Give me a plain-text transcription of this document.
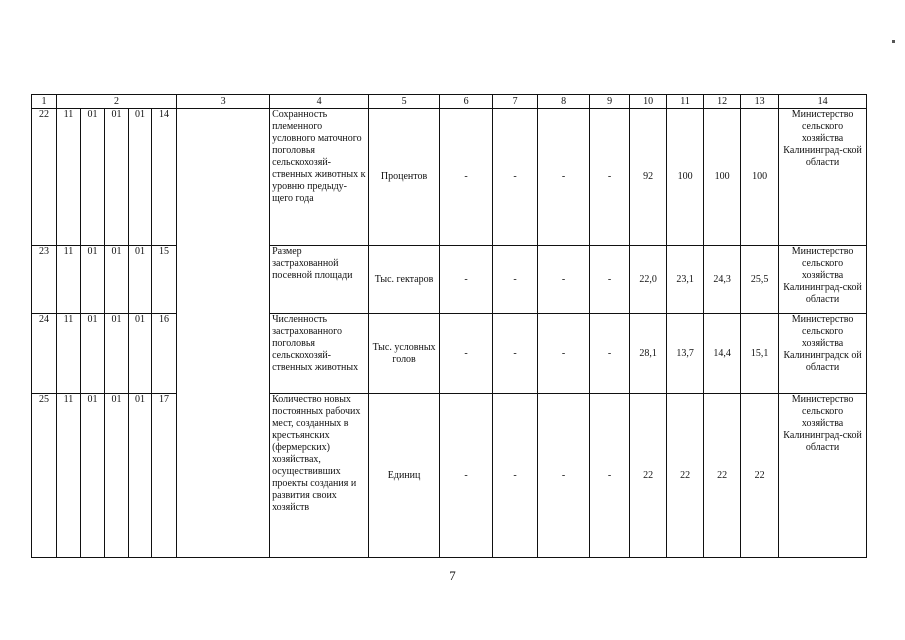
1	2					3	4	5	6	7	8	9	10	11	12	13	14
22	11	01	01	01	14		Сохранность племенного условного маточного поголовья сельскохозяй-ственных животных к уровню предыду-щего года	Процентов	-	-	-	-	92	100	100	100	Министерство сельского хозяйства Калининград-ской области
23	11	01	01	01	15		Размер застрахованной посевной площади	Тыс. гектаров	-	-	-	-	22,0	23,1	24,3	25,5	Министерство сельского хозяйства Калининград-ской области
24	11	01	01	01	16		Численность застрахованного поголовья сельскохозяй-ственных животных	Тыс. условных голов	-	-	-	-	28,1	13,7	14,4	15,1	Министерство сельского хозяйства Калининградск ой области
25	11	01	01	01	17		Количество новых постоянных рабочих мест, созданных в крестьянских (фермерских) хозяйствах, осуществивших проекты создания и развития своих хозяйств	Единиц	-	-	-	-	22	22	22	22	Министерство сельского хозяйства Калининград-ской области
7
